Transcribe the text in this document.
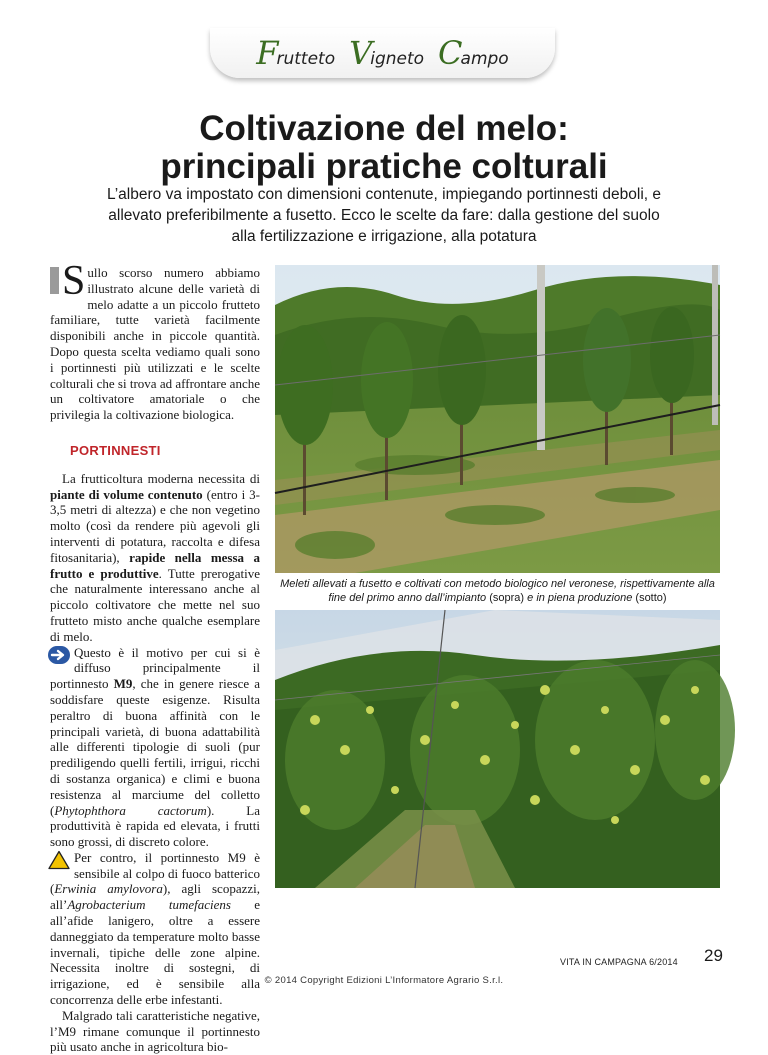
F
rutteto V
igneto C
ampo
Coltivazione del melo:
principali pratiche colturali
L’albero va impostato con dimensioni contenute, impiegando portinnesti deboli, e allevato preferibilmente a fusetto. Ecco le scelte da fare: dalla gestione del suolo alla fertilizzazione e irrigazione, alla potatura
S ullo scorso numero abbiamo illustrato alcune delle varietà di melo adatte a un piccolo frutteto familiare, tutte varietà facilmente disponibili anche in piccole quantità. Dopo questa scelta vediamo quali sono i portinnesti più utilizzati e le scelte colturali che si trova ad affrontare anche un coltivatore amatoriale o che privilegia la coltivazione biologica.
PORTINNESTI

La frutticoltura moderna necessita di piante di volume contenuto (entro i 3-3,5 metri di altezza) e che non vegetino molto (così da rendere più agevoli gli interventi di potatura, raccolta e difesa fitosanitaria), rapide nella messa a frutto e produttive. Tutte prerogative che naturalmente interessano anche al piccolo coltivatore che mette nel suo frutteto misto anche qualche esemplare di melo.

Questo è il motivo per cui si è diffuso principalmente il portinnesto M9, che in genere riesce a soddisfare queste esigenze. Risulta peraltro di buona affinità con le principali varietà, di buona adattabilità alle differenti tipologie di suoli (pur prediligendo quelli fertili, irrigui, ricchi di sostanza organica) e climi e buona resistenza al marciume del colletto (Phytophthora cactorum). La produttività è rapida ed elevata, i frutti sono grossi, di discreto colore.

Per contro, il portinnesto M9 è sensibile al colpo di fuoco batterico (Erwinia amylovora), agli scopazzi, all’Agrobacterium tumefaciens e all’afide lanigero, oltre a essere danneggiato da temperature molto basse invernali, tipiche delle zone alpine. Necessita inoltre di sostegni, di irrigazione, ed è sensibile alla concorrenza delle erbe infestanti.

Malgrado tali caratteristiche negative, l’M9 rimane comunque il portinnesto più usato anche in agricoltura bio-

Meleti allevati a fusetto e coltivati con metodo biologico nel veronese, rispettivamente alla fine del primo anno dall’impianto (sopra) e in piena produzione (sotto)
VITA IN CAMPAGNA 6/2014 29
© 2014 Copyright Edizioni L’Informatore Agrario S.r.l.
